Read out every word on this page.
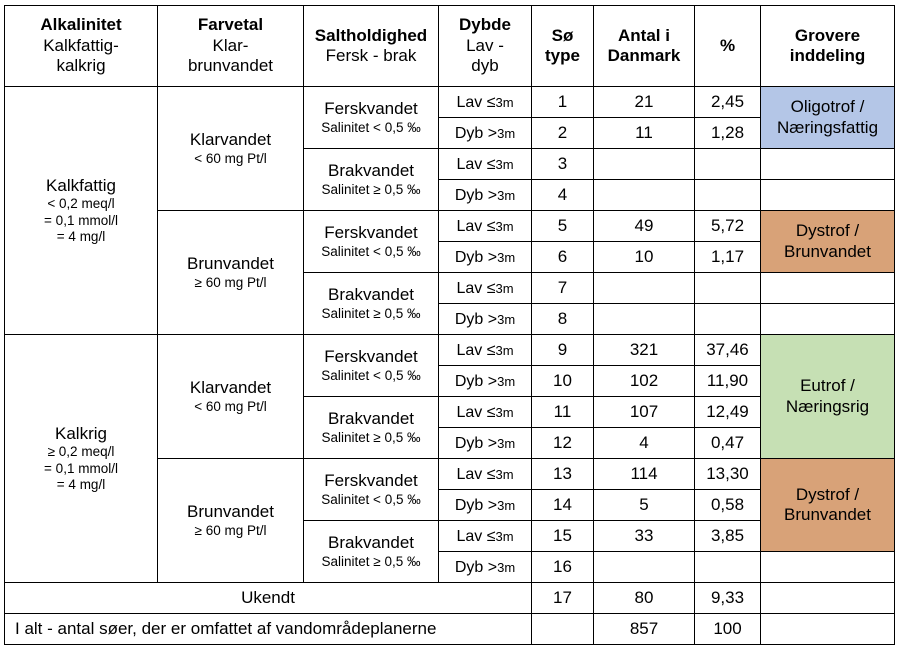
Alkalinitet
Kalkfattig-
kalkrig	Farvetal
Klar-
brunvandet	Saltholdighed
Fersk - brak	Dybde
Lav -
dyb	Sø
type	Antal i
Danmark	%	Grovere
inddeling

Kalkfattig
< 0,2 meq/l
= 0,1 mmol/l
= 4 mg/l	Klarvandet
< 60 mg Pt/l	Ferskvandet
Salinitet < 0,5 ‰	Lav ≤3m	1	21	2,45	Oligotrof /
Næringsfattig

			Dyb >3m	2	11	1,28	

		Brakvandet
Salinitet ≥ 0,5 ‰	Lav ≤3m	3			
			Dyb >3m	4			

	Brunvandet
≥ 60 mg Pt/l	Ferskvandet
Salinitet < 0,5 ‰	Lav ≤3m	5	49	5,72	Dystrof /
Brunvandet

			Dyb >3m	6	10	1,17	

		Brakvandet
Salinitet ≥ 0,5 ‰	Lav ≤3m	7			
			Dyb >3m	8			

Kalkrig
≥ 0,2 meq/l
= 0,1 mmol/l
= 4 mg/l	Klarvandet
< 60 mg Pt/l	Ferskvandet
Salinitet < 0,5 ‰	Lav ≤3m	9	321	37,46	Eutrof /
Næringsrig

			Dyb >3m	10	102	11,90	

		Brakvandet
Salinitet ≥ 0,5 ‰	Lav ≤3m	11	107	12,49	
			Dyb >3m	12	4	0,47	

	Brunvandet
≥ 60 mg Pt/l	Ferskvandet
Salinitet < 0,5 ‰	Lav ≤3m	13	114	13,30	Dystrof /
Brunvandet

			Dyb >3m	14	5	0,58	

		Brakvandet
Salinitet ≥ 0,5 ‰	Lav ≤3m	15	33	3,85	
			Dyb >3m	16			
Ukendt				17	80	9,33	
I alt - antal søer, der er omfattet af vandområdeplanerne					857	100	
